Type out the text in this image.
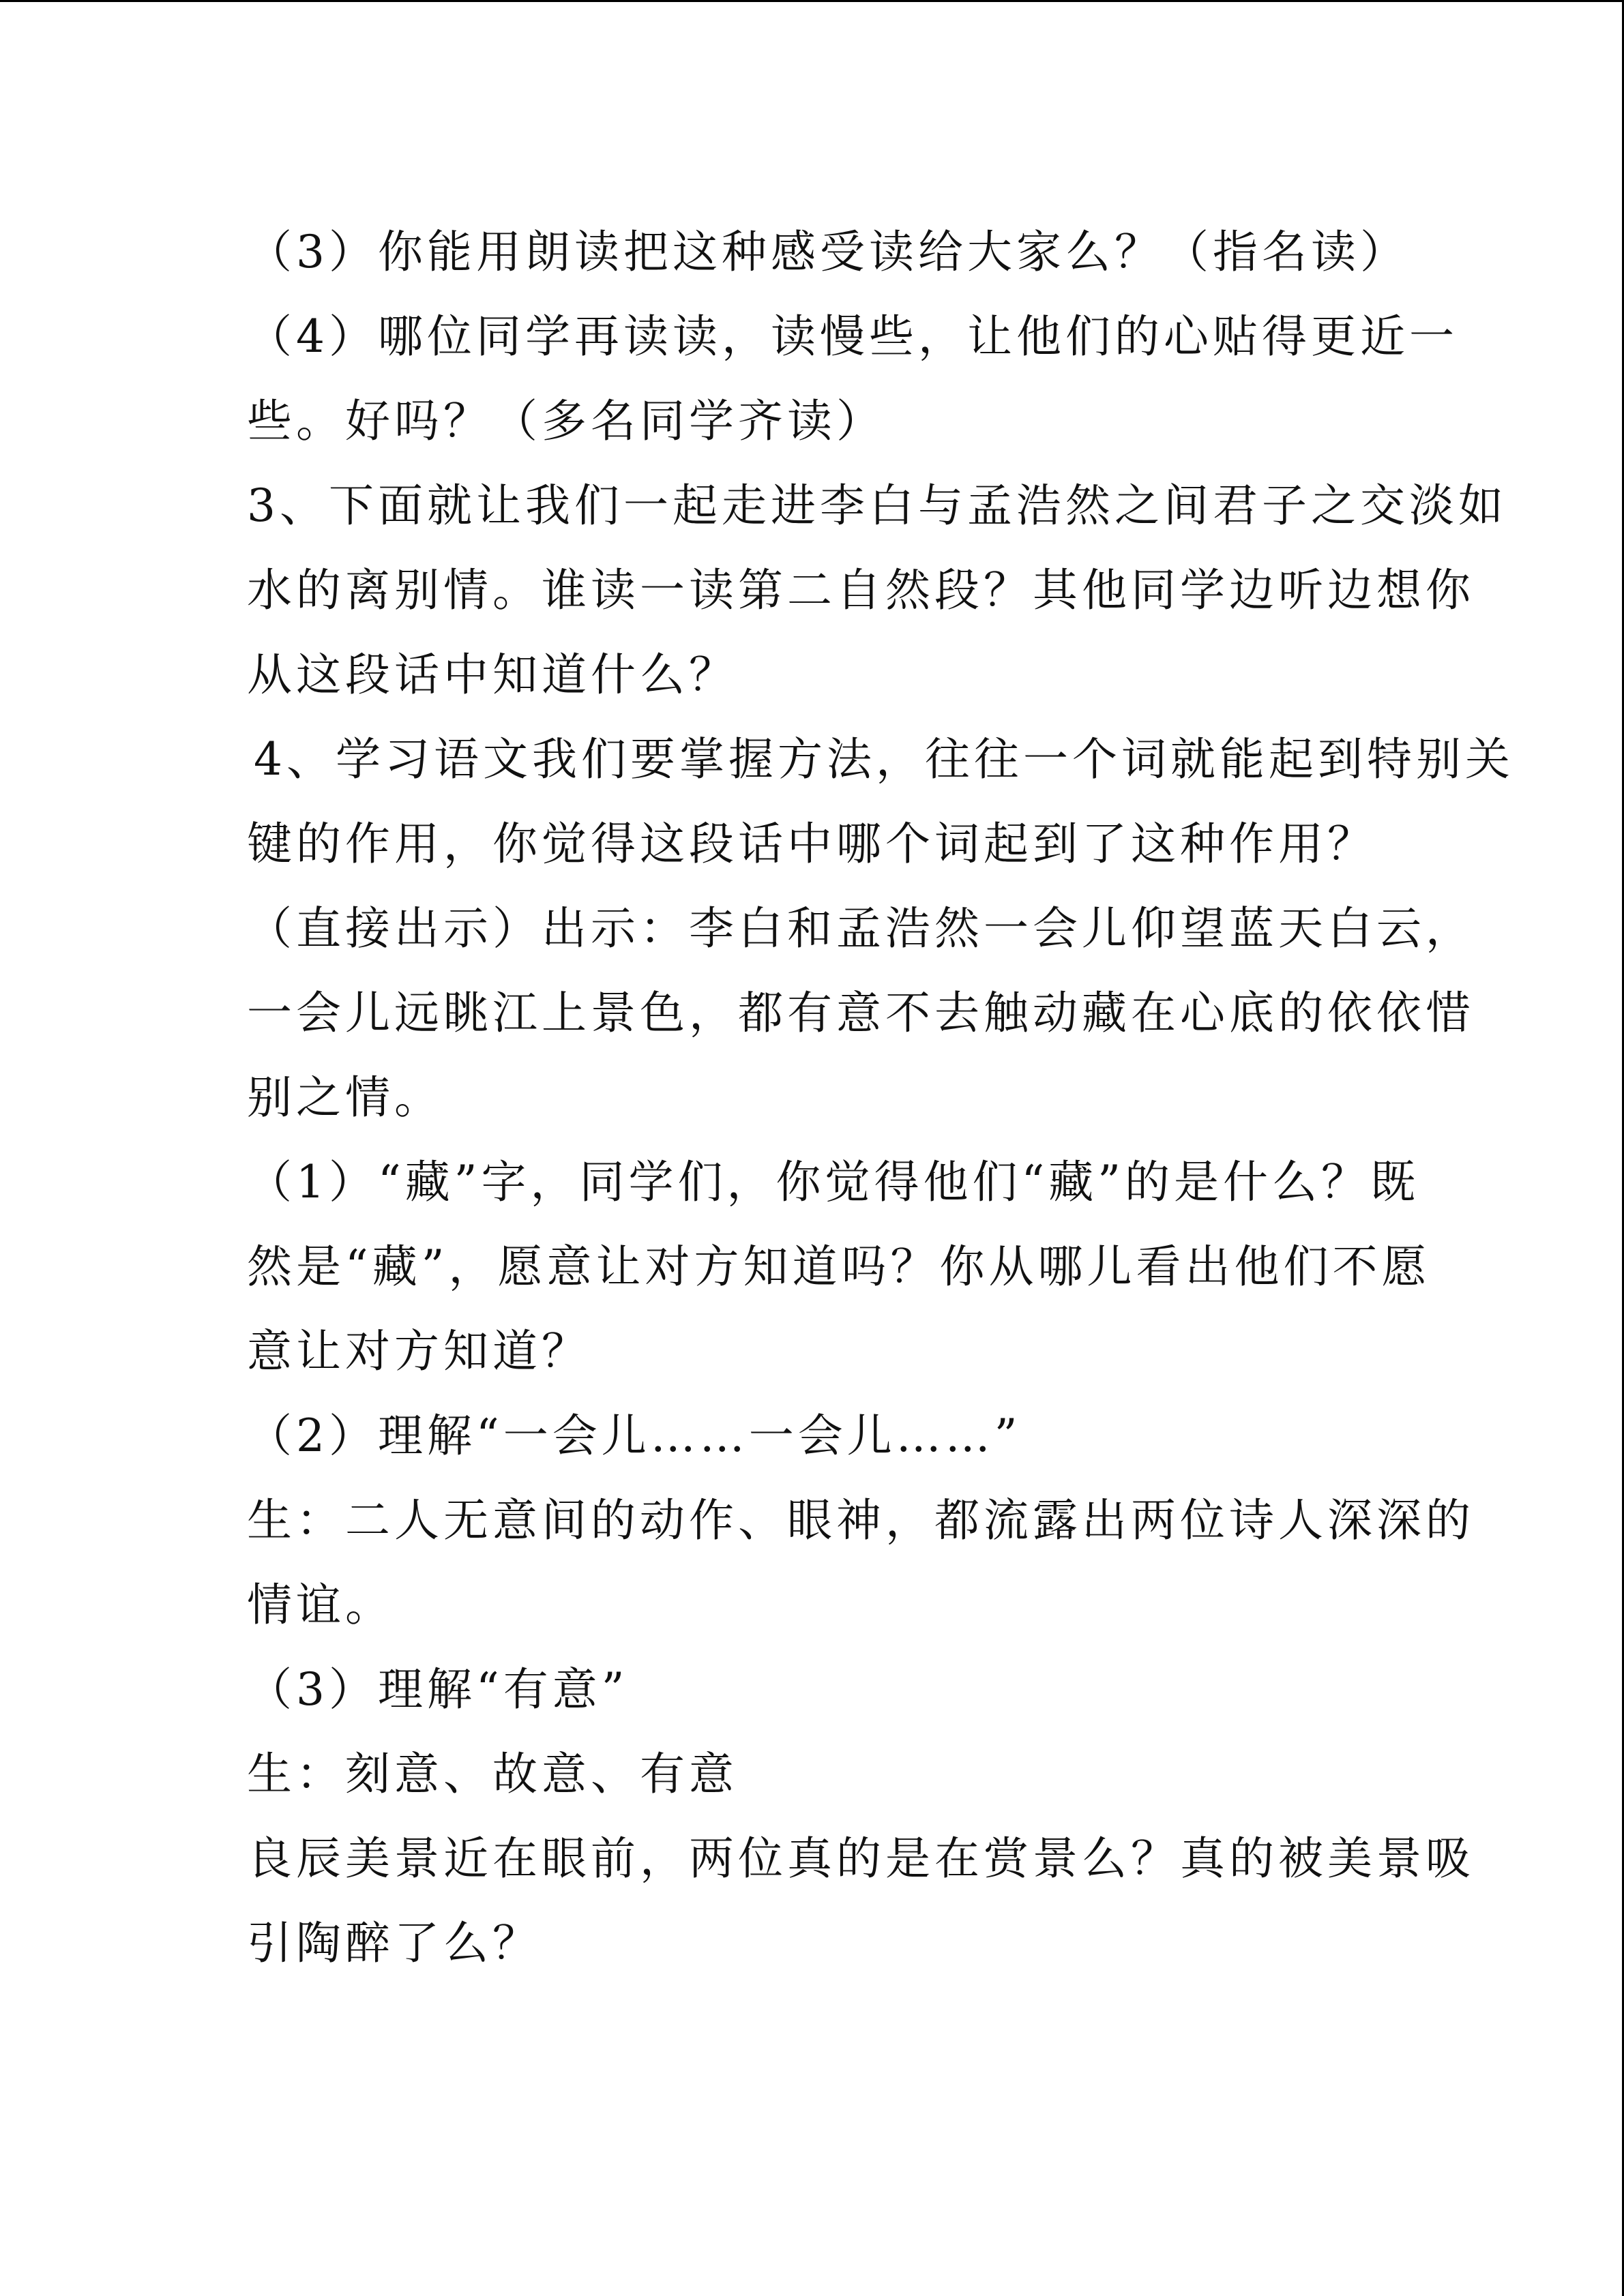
（3）你能用朗读把这种感受读给大家么？（指名读）
（4）哪位同学再读读，读慢些，让他们的心贴得更近一
些。好吗？（多名同学齐读）
3、下面就让我们一起走进李白与孟浩然之间君子之交淡如
水的离别情。谁读一读第二自然段？其他同学边听边想你
从这段话中知道什么？
4、学习语文我们要掌握方法，往往一个词就能起到特别关
键的作用，你觉得这段话中哪个词起到了这种作用？
（直接出示）出示：李白和孟浩然一会儿仰望蓝天白云，
一会儿远眺江上景色，都有意不去触动藏在心底的依依惜
别之情。
（1）“藏”字，同学们，你觉得他们“藏”的是什么？既
然是“藏”，愿意让对方知道吗？你从哪儿看出他们不愿
意让对方知道？
（2）理解“一会儿……一会儿……”
生：二人无意间的动作、眼神，都流露出两位诗人深深的
情谊。
（3）理解“有意”
生：刻意、故意、有意
良辰美景近在眼前，两位真的是在赏景么？真的被美景吸
引陶醉了么？
